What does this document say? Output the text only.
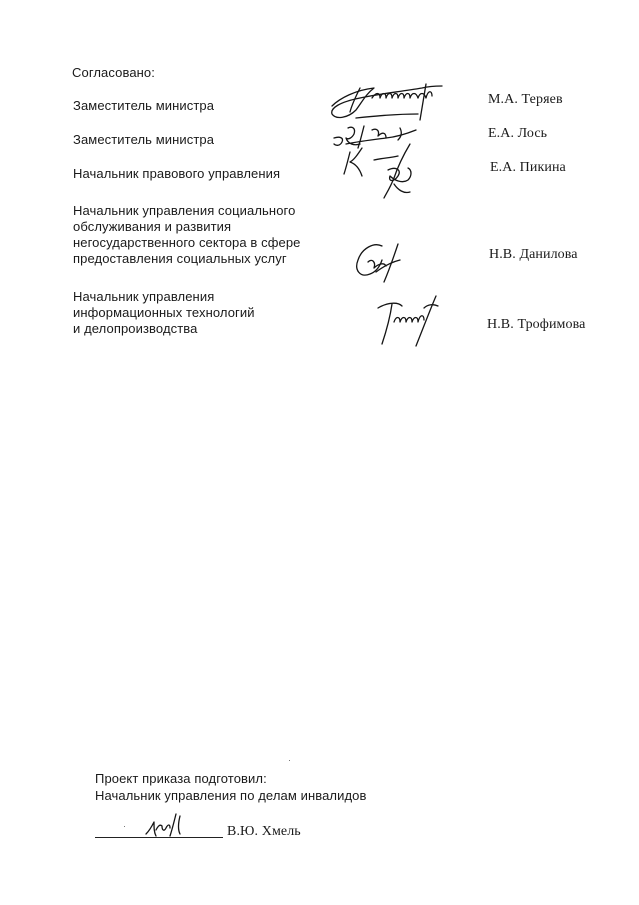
Согласовано:
Заместитель министра	М.А. Теряев
Заместитель министра	Е.А. Лось
Начальник правового управления	Е.А. Пикина
Начальник управления социального
обслуживания и развития
негосударственного сектора в сфере
предоставления социальных услуг	Н.В. Данилова
Начальник управления
информационных технологий
и делопроизводства	Н.В. Трофимова
Проект приказа подготовил:
Начальник управления по делам инвалидов
В.Ю. Хмель
